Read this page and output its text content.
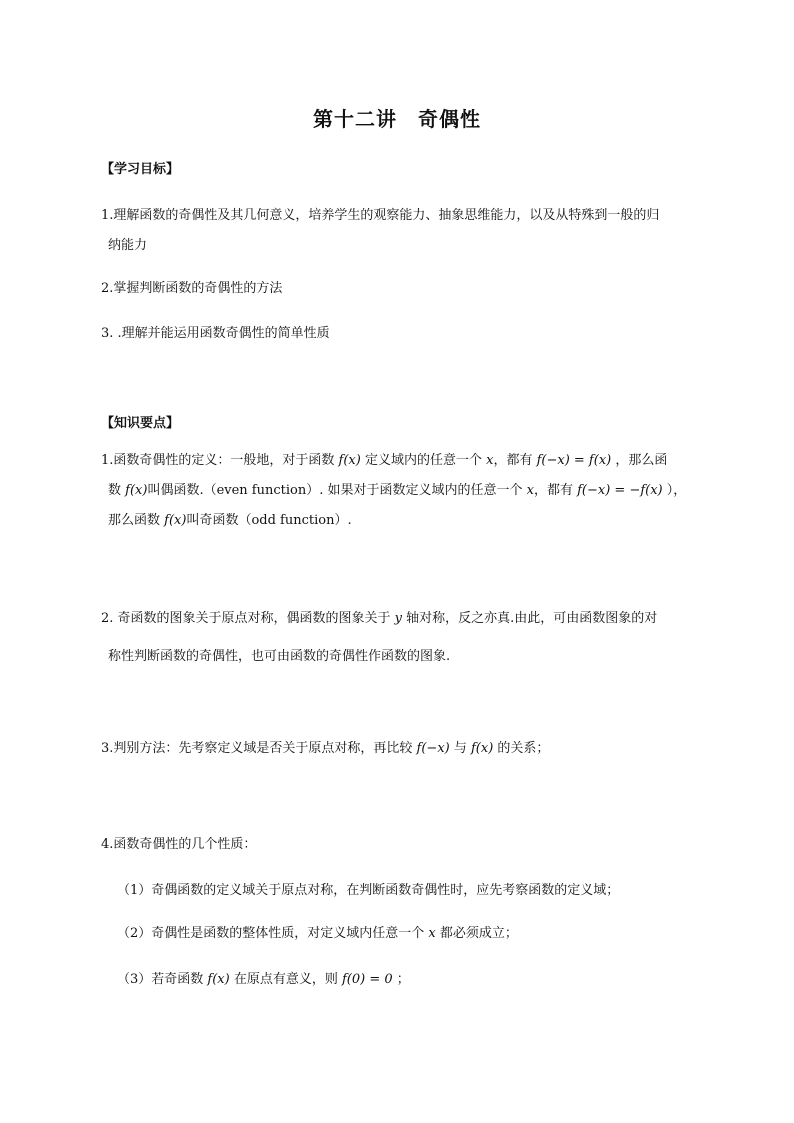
第十二讲　奇偶性
【学习目标】
1.理解函数的奇偶性及其几何意义，培养学生的观察能力、抽象思维能力，以及从特殊到一般的归
纳能力
2.掌握判断函数的奇偶性的方法
3. .理解并能运用函数奇偶性的简单性质
【知识要点】
1.函数奇偶性的定义：一般地，对于函数 f(x) 定义域内的任意一个 x，都有 f(−x) = f(x) ，那么函
数 f(x)叫偶函数.（even function）. 如果对于函数定义域内的任意一个 x，都有 f(−x) = −f(x) ），
那么函数 f(x)叫奇函数（odd function）.
2. 奇函数的图象关于原点对称，偶函数的图象关于 y 轴对称，反之亦真.由此，可由函数图象的对
称性判断函数的奇偶性，也可由函数的奇偶性作函数的图象.
3.判别方法：先考察定义域是否关于原点对称，再比较 f(−x) 与 f(x) 的关系；
4.函数奇偶性的几个性质：
（1）奇偶函数的定义域关于原点对称，在判断函数奇偶性时，应先考察函数的定义域；
（2）奇偶性是函数的整体性质，对定义域内任意一个 x 都必须成立；
（3）若奇函数 f(x) 在原点有意义，则 f(0) = 0 ；
